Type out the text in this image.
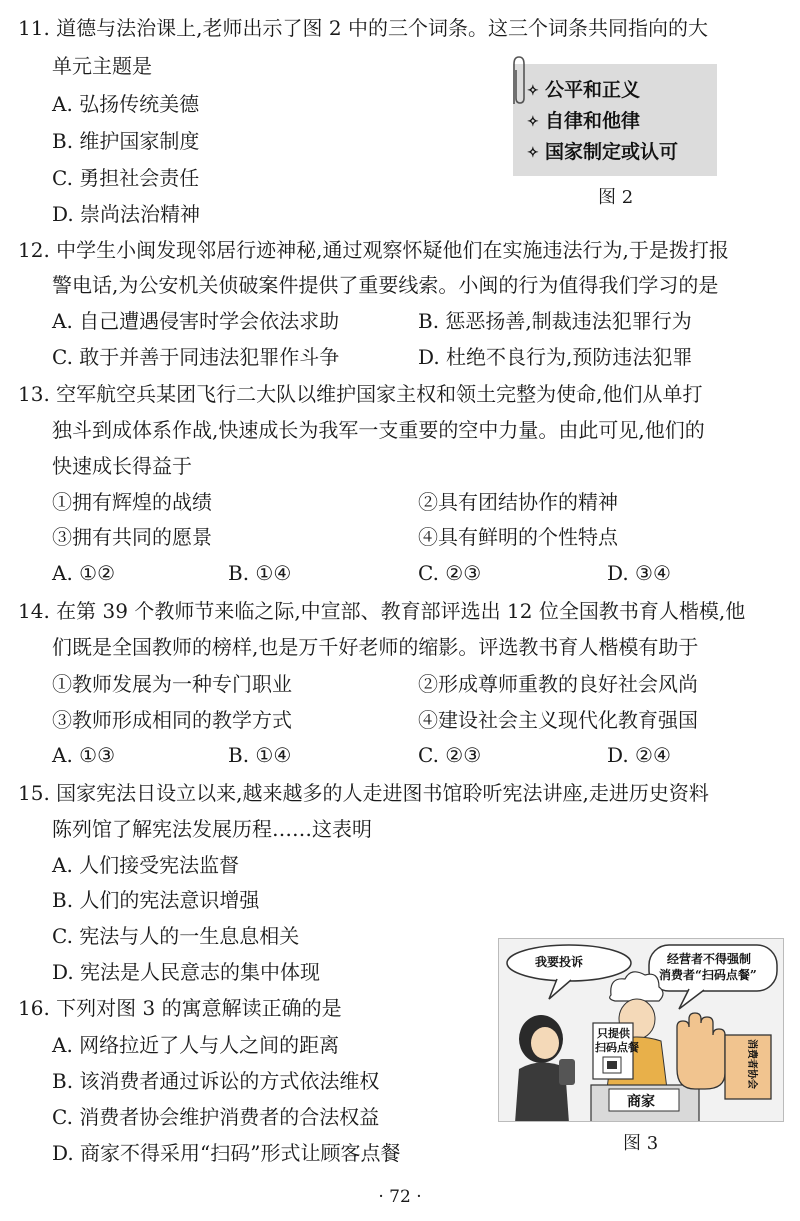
11. 道德与法治课上,老师出示了图 2 中的三个词条。这三个词条共同指向的大
单元主题是
A. 弘扬传统美德
B. 维护国家制度
C. 勇担社会责任
D. 崇尚法治精神
✧ 公平和正义
✧ 自律和他律
✧ 国家制定或认可
图 2
12. 中学生小闽发现邻居行迹神秘,通过观察怀疑他们在实施违法行为,于是拨打报
警电话,为公安机关侦破案件提供了重要线索。小闽的行为值得我们学习的是
A. 自己遭遇侵害时学会依法求助	B. 惩恶扬善,制裁违法犯罪行为
C. 敢于并善于同违法犯罪作斗争	D. 杜绝不良行为,预防违法犯罪
13. 空军航空兵某团飞行二大队以维护国家主权和领土完整为使命,他们从单打
独斗到成体系作战,快速成长为我军一支重要的空中力量。由此可见,他们的
快速成长得益于
①拥有辉煌的战绩	②具有团结协作的精神
③拥有共同的愿景	④具有鲜明的个性特点
A. ①②	B. ①④	C. ②③	D. ③④
14. 在第 39 个教师节来临之际,中宣部、教育部评选出 12 位全国教书育人楷模,他
们既是全国教师的榜样,也是万千好老师的缩影。评选教书育人楷模有助于
①教师发展为一种专门职业	②形成尊师重教的良好社会风尚
③教师形成相同的教学方式	④建设社会主义现代化教育强国
A. ①③	B. ①④	C. ②③	D. ②④
15. 国家宪法日设立以来,越来越多的人走进图书馆聆听宪法讲座,走进历史资料
陈列馆了解宪法发展历程……这表明
A. 人们接受宪法监督
B. 人们的宪法意识增强
C. 宪法与人的一生息息相关
D. 宪法是人民意志的集中体现
16. 下列对图 3 的寓意解读正确的是
A. 网络拉近了人与人之间的距离
B. 该消费者通过诉讼的方式依法维权
C. 消费者协会维护消费者的合法权益
D. 商家不得采用“扫码”形式让顾客点餐
我要投诉	经营者不得强制
消费者“扫码点餐”
只提供
扫码点餐
商家
消费者协会
图 3
· 72 ·
